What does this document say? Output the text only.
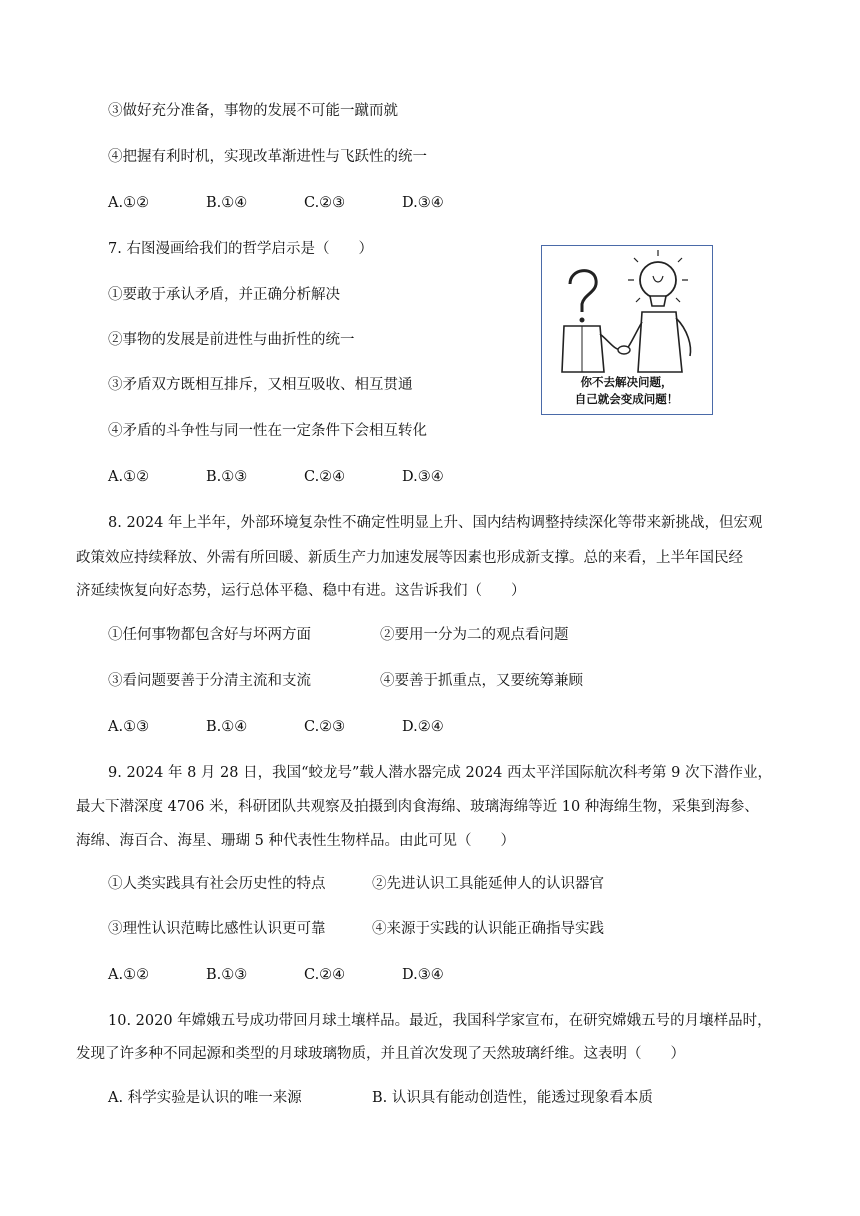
③做好充分准备，事物的发展不可能一蹴而就
④把握有利时机，实现改革渐进性与飞跃性的统一
A.①②	B.①④	C.②③	D.③④
7. 右图漫画给我们的哲学启示是（　　）
①要敢于承认矛盾，并正确分析解决
②事物的发展是前进性与曲折性的统一
③矛盾双方既相互排斥，又相互吸收、相互贯通
④矛盾的斗争性与同一性在一定条件下会相互转化
A.①②	B.①③	C.②④	D.③④
你不去解决问题，
自己就会变成问题！
8. 2024 年上半年，外部环境复杂性不确定性明显上升、国内结构调整持续深化等带来新挑战，但宏观
政策效应持续释放、外需有所回暖、新质生产力加速发展等因素也形成新支撑。总的来看，上半年国民经
济延续恢复向好态势，运行总体平稳、稳中有进。这告诉我们（　　）
①任何事物都包含好与坏两方面	②要用一分为二的观点看问题
③看问题要善于分清主流和支流	④要善于抓重点，又要统筹兼顾
A.①③	B.①④	C.②③	D.②④
9. 2024 年 8 月 28 日，我国“蛟龙号”载人潜水器完成 2024 西太平洋国际航次科考第 9 次下潜作业，
最大下潜深度 4706 米，科研团队共观察及拍摄到肉食海绵、玻璃海绵等近 10 种海绵生物，采集到海参、
海绵、海百合、海星、珊瑚 5 种代表性生物样品。由此可见（　　）
①人类实践具有社会历史性的特点	②先进认识工具能延伸人的认识器官
③理性认识范畴比感性认识更可靠	④来源于实践的认识能正确指导实践
A.①②	B.①③	C.②④	D.③④
10. 2020 年嫦娥五号成功带回月球土壤样品。最近，我国科学家宣布，在研究嫦娥五号的月壤样品时，
发现了许多种不同起源和类型的月球玻璃物质，并且首次发现了天然玻璃纤维。这表明（　　）
A. 科学实验是认识的唯一来源	B. 认识具有能动创造性，能透过现象看本质
